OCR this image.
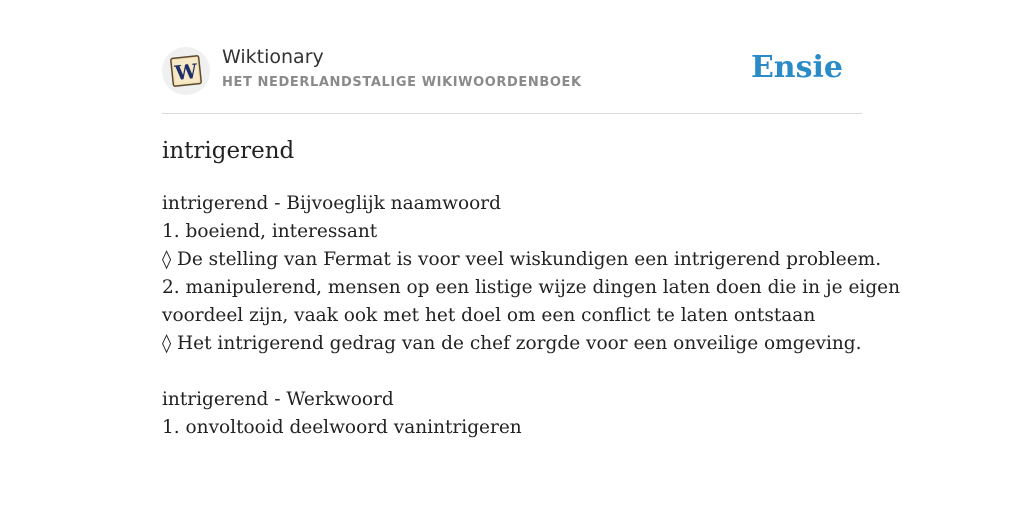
W
Wiktionary
HET NEDERLANDSTALIGE WIKIWOORDENBOEK	Ensie
intrigerend
intrigerend - Bijvoeglijk naamwoord
1. boeiend, interessant
◊ De stelling van Fermat is voor veel wiskundigen een intrigerend probleem.
2. manipulerend, mensen op een listige wijze dingen laten doen die in je eigen
voordeel zijn, vaak ook met het doel om een conflict te laten ontstaan
◊ Het intrigerend gedrag van de chef zorgde voor een onveilige omgeving.
intrigerend - Werkwoord
1. onvoltooid deelwoord vanintrigeren
